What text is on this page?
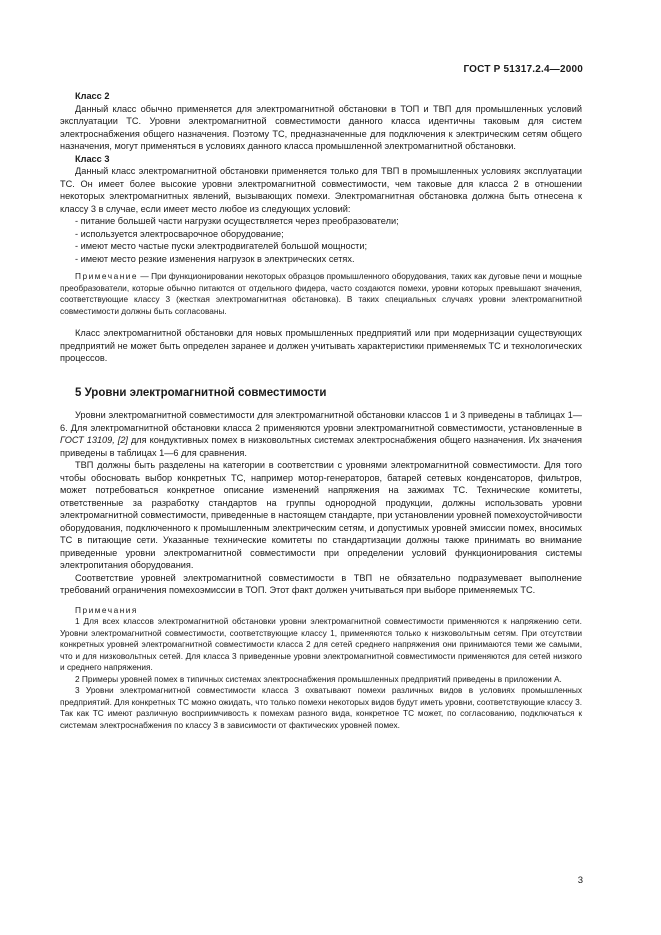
ГОСТ Р 51317.2.4—2000
Класс 2

Данный класс обычно применяется для электромагнитной обстановки в ТОП и ТВП для промышленных условий эксплуатации ТС. Уровни электромагнитной совместимости данного класса идентичны таковым для систем электроснабжения общего назначения. Поэтому ТС, предназначенные для подключения к электрическим сетям общего назначения, могут применяться в условиях данного класса промышленной электромагнитной обстановки.

Класс 3

Данный класс электромагнитной обстановки применяется только для ТВП в промышленных условиях эксплуатации ТС. Он имеет более высокие уровни электромагнитной совместимости, чем таковые для класса 2 в отношении некоторых электромагнитных явлений, вызывающих помехи. Электромагнитная обстановка должна быть отнесена к классу 3 в случае, если имеет место любое из следующих условий:

- питание большей части нагрузки осуществляется через преобразователи;
- используется электросварочное оборудование;
- имеют место частые пуски электродвигателей большой мощности;
- имеют место резкие изменения нагрузок в электрических сетях.

Примечание — При функционировании некоторых образцов промышленного оборудования, таких как дуговые печи и мощные преобразователи, которые обычно питаются от отдельного фидера, часто создаются помехи, уровни которых превышают значения, соответствующие классу 3 (жесткая электромагнитная обстановка). В таких специальных случаях уровни электромагнитной совместимости должны быть согласованы.

Класс электромагнитной обстановки для новых промышленных предприятий или при модернизации существующих предприятий не может быть определен заранее и должен учитывать характеристики применяемых ТС и технологических процессов.

5 Уровни электромагнитной совместимости

Уровни электромагнитной совместимости для электромагнитной обстановки классов 1 и 3 приведены в таблицах 1—6. Для электромагнитной обстановки класса 2 применяются уровни электромагнитной совместимости, установленные в ГОСТ 13109, [2] для кондуктивных помех в низковольтных системах электроснабжения общего назначения. Их значения приведены в таблицах 1—6 для сравнения.

ТВП должны быть разделены на категории в соответствии с уровнями электромагнитной совместимости. Для того чтобы обосновать выбор конкретных ТС, например мотор-генераторов, батарей сетевых конденсаторов, фильтров, может потребоваться конкретное описание изменений напряжения на зажимах ТС. Технические комитеты, ответственные за разработку стандартов на группы однородной продукции, должны использовать уровни электромагнитной совместимости, приведенные в настоящем стандарте, при установлении уровней помехоустойчивости оборудования, подключенного к промышленным электрическим сетям, и допустимых уровней эмиссии помех, вносимых ТС в питающие сети. Указанные технические комитеты по стандартизации должны также принимать во внимание приведенные уровни электромагнитной совместимости при определении условий функционирования системы электропитания оборудования.

Соответствие уровней электромагнитной совместимости в ТВП не обязательно подразумевает выполнение требований ограничения помехоэмиссии в ТОП. Этот факт должен учитываться при выборе применяемых ТС.

Примечания

1 Для всех классов электромагнитной обстановки уровни электромагнитной совместимости применяются к напряжению сети. Уровни электромагнитной совместимости, соответствующие классу 1, применяются только к низковольтным сетям. При отсутствии конкретных уровней электромагнитной совместимости класса 2 для сетей среднего напряжения они принимаются теми же самыми, что и для низковольтных сетей. Для класса 3 приведенные уровни электромагнитной совместимости применяются для сетей низкого и среднего напряжения.

2 Примеры уровней помех в типичных системах электроснабжения промышленных предприятий приведены в приложении А.

3 Уровни электромагнитной совместимости класса 3 охватывают помехи различных видов в условиях промышленных предприятий. Для конкретных ТС можно ожидать, что только помехи некоторых видов будут иметь уровни, соответствующие классу 3. Так как ТС имеют различную восприимчивость к помехам разного вида, конкретное ТС может, по согласованию, подключаться к системам электроснабжения по классу 3 в зависимости от фактических уровней помех.

3
